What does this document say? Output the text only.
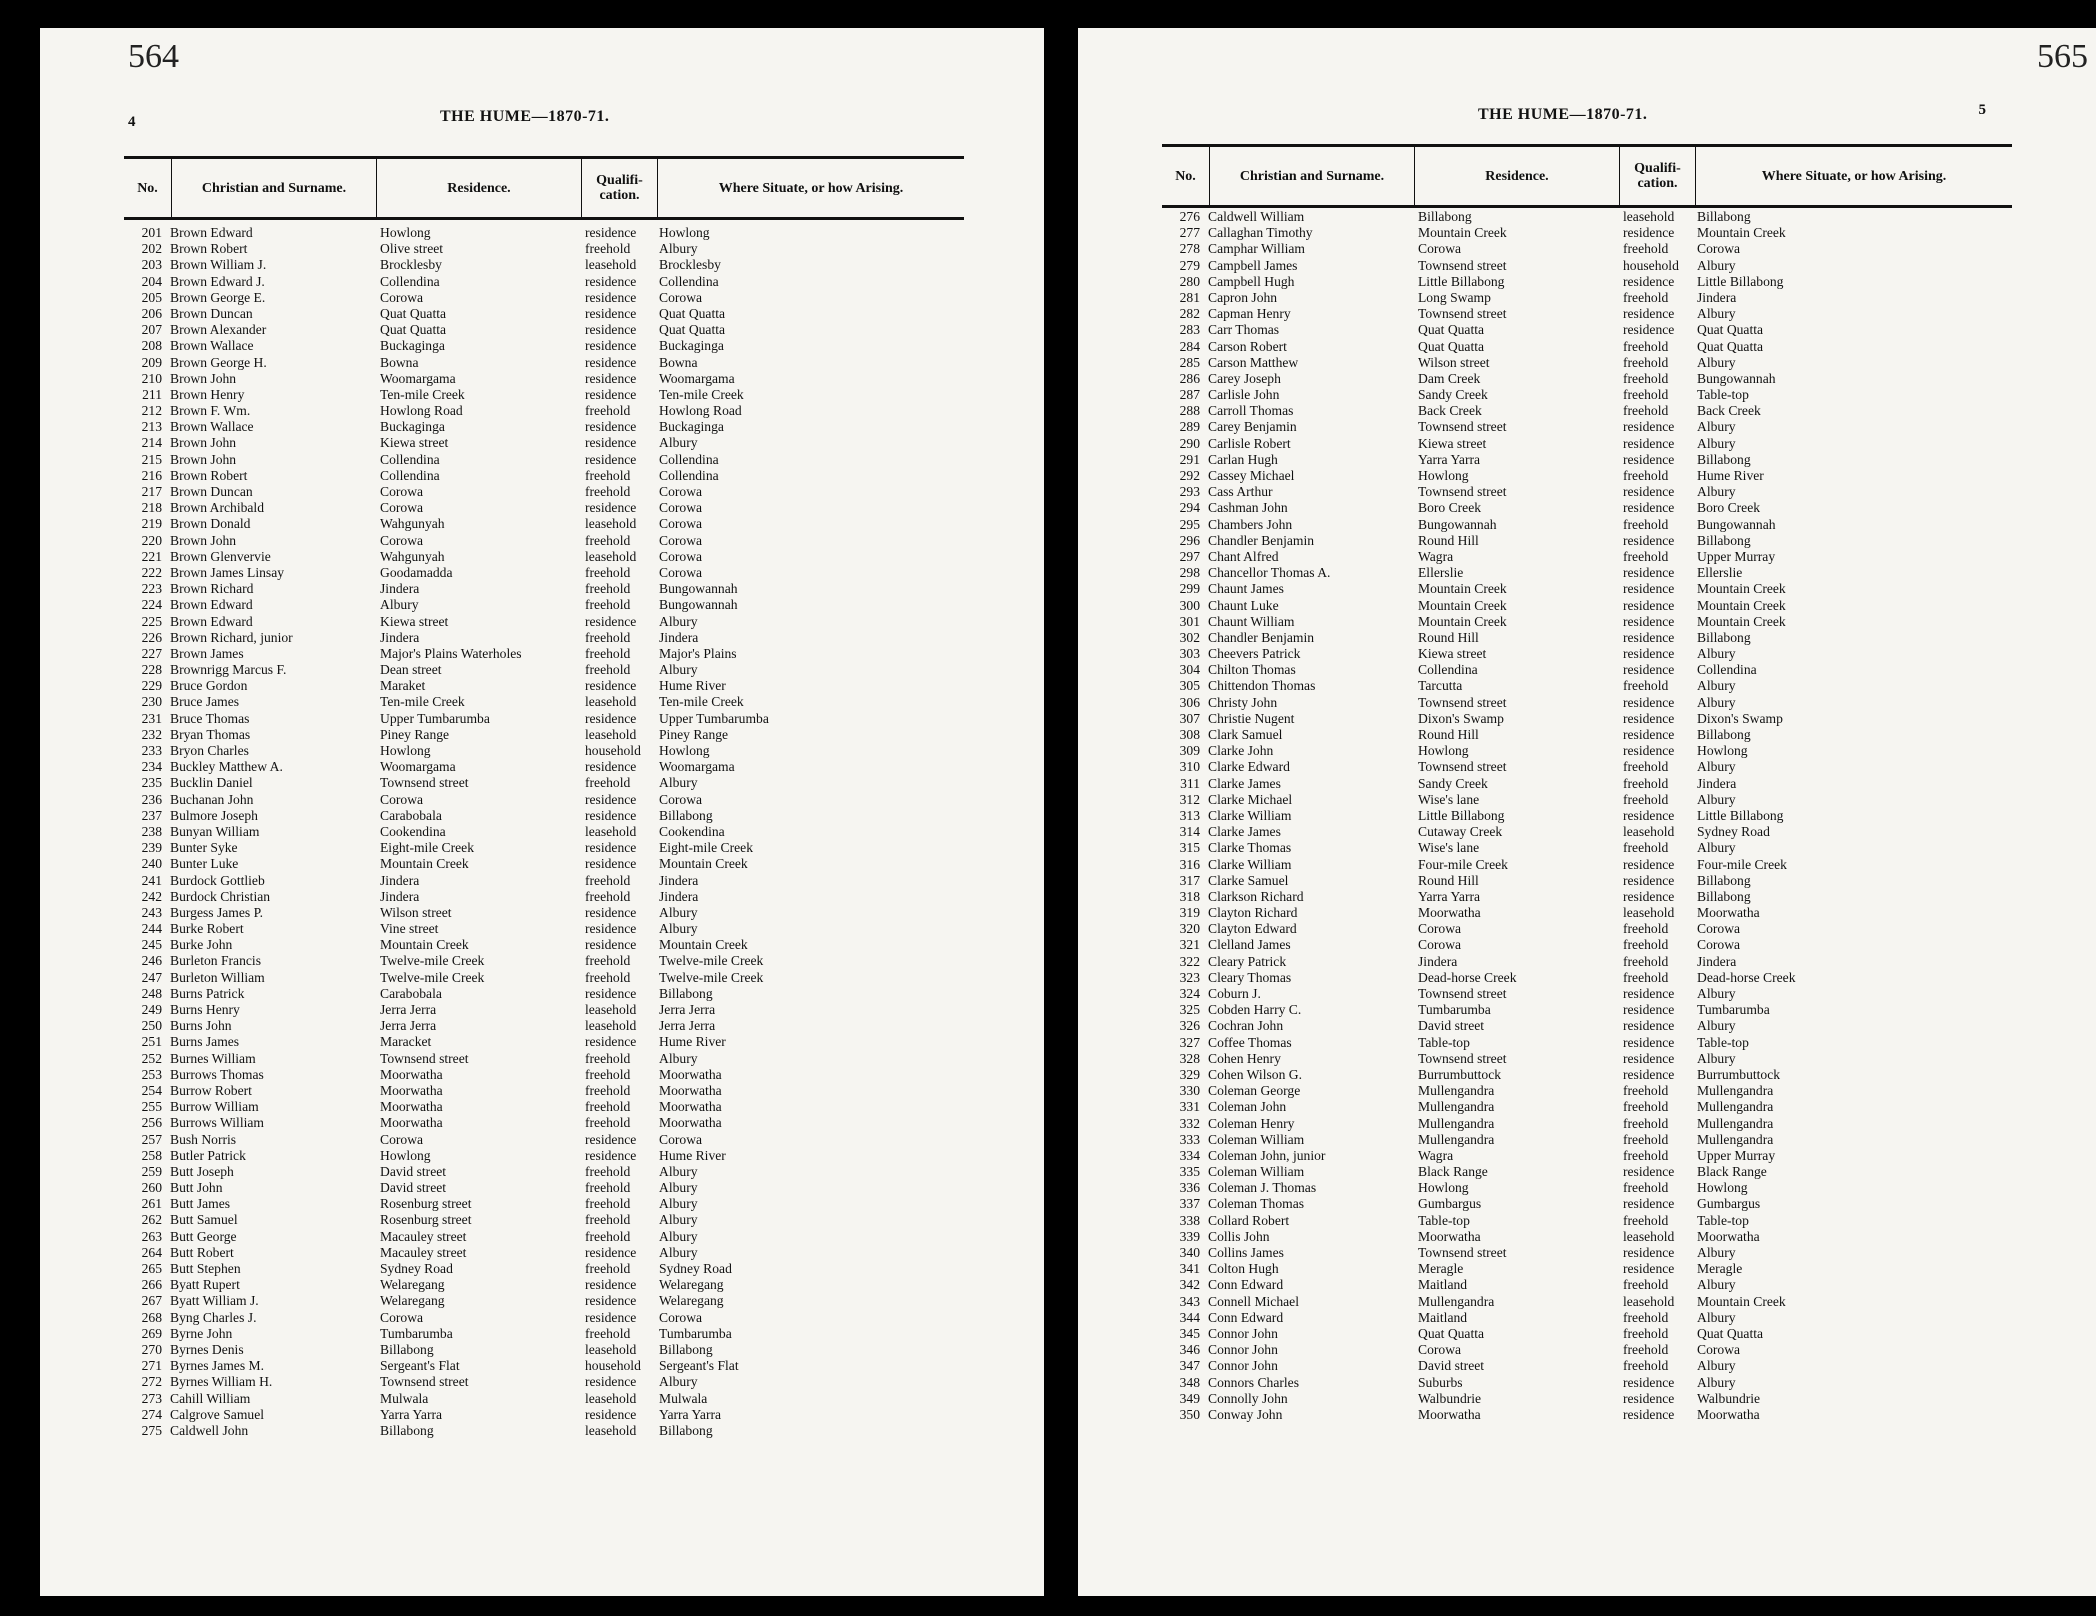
564
4	THE HUME—1870-71.
No.	Christian and Surname.	Residence.	Qualifi- cation.	Where Situate, or how Arising.
201 Brown Edward	Howlong	residence	Howlong
202 Brown Robert	Olive street	freehold	Albury
203 Brown William J.	Brocklesby	leasehold	Brocklesby
204 Brown Edward J.	Collendina	residence	Collendina
205 Brown George E.	Corowa	residence	Corowa
206 Brown Duncan	Quat Quatta	residence	Quat Quatta
207 Brown Alexander	Quat Quatta	residence	Quat Quatta
208 Brown Wallace	Buckaginga	residence	Buckaginga
209 Brown George H.	Bowna	residence	Bowna
210 Brown John	Woomargama	residence	Woomargama
211 Brown Henry	Ten-mile Creek	residence	Ten-mile Creek
212 Brown F. Wm.	Howlong Road	freehold	Howlong Road
213 Brown Wallace	Buckaginga	residence	Buckaginga
214 Brown John	Kiewa street	residence	Albury
215 Brown John	Collendina	residence	Collendina
216 Brown Robert	Collendina	freehold	Collendina
217 Brown Duncan	Corowa	freehold	Corowa
218 Brown Archibald	Corowa	residence	Corowa
219 Brown Donald	Wahgunyah	leasehold	Corowa
220 Brown John	Corowa	freehold	Corowa
221 Brown Glenvervie	Wahgunyah	leasehold	Corowa
222 Brown James Linsay	Goodamadda	freehold	Corowa
223 Brown Richard	Jindera	freehold	Bungowannah
224 Brown Edward	Albury	freehold	Bungowannah
225 Brown Edward	Kiewa street	residence	Albury
226 Brown Richard, junior	Jindera	freehold	Jindera
227 Brown James	Major's Plains Waterholes	freehold	Major's Plains
228 Brownrigg Marcus F.	Dean street	freehold	Albury
229 Bruce Gordon	Maraket	residence	Hume River
230 Bruce James	Ten-mile Creek	leasehold	Ten-mile Creek
231 Bruce Thomas	Upper Tumbarumba	residence	Upper Tumbarumba
232 Bryan Thomas	Piney Range	leasehold	Piney Range
233 Bryon Charles	Howlong	household	Howlong
234 Buckley Matthew A.	Woomargama	residence	Woomargama
235 Bucklin Daniel	Townsend street	freehold	Albury
236 Buchanan John	Corowa	residence	Corowa
237 Bulmore Joseph	Carabobala	residence	Billabong
238 Bunyan William	Cookendina	leasehold	Cookendina
239 Bunter Syke	Eight-mile Creek	residence	Eight-mile Creek
240 Bunter Luke	Mountain Creek	residence	Mountain Creek
241 Burdock Gottlieb	Jindera	freehold	Jindera
242 Burdock Christian	Jindera	freehold	Jindera
243 Burgess James P.	Wilson street	residence	Albury
244 Burke Robert	Vine street	residence	Albury
245 Burke John	Mountain Creek	residence	Mountain Creek
246 Burleton Francis	Twelve-mile Creek	freehold	Twelve-mile Creek
247 Burleton William	Twelve-mile Creek	freehold	Twelve-mile Creek
248 Burns Patrick	Carabobala	residence	Billabong
249 Burns Henry	Jerra Jerra	leasehold	Jerra Jerra
250 Burns John	Jerra Jerra	leasehold	Jerra Jerra
251 Burns James	Maracket	residence	Hume River
252 Burnes William	Townsend street	freehold	Albury
253 Burrows Thomas	Moorwatha	freehold	Moorwatha
254 Burrow Robert	Moorwatha	freehold	Moorwatha
255 Burrow William	Moorwatha	freehold	Moorwatha
256 Burrows William	Moorwatha	freehold	Moorwatha
257 Bush Norris	Corowa	residence	Corowa
258 Butler Patrick	Howlong	residence	Hume River
259 Butt Joseph	David street	freehold	Albury
260 Butt John	David street	freehold	Albury
261 Butt James	Rosenburg street	freehold	Albury
262 Butt Samuel	Rosenburg street	freehold	Albury
263 Butt George	Macauley street	freehold	Albury
264 Butt Robert	Macauley street	residence	Albury
265 Butt Stephen	Sydney Road	freehold	Sydney Road
266 Byatt Rupert	Welaregang	residence	Welaregang
267 Byatt William J.	Welaregang	residence	Welaregang
268 Byng Charles J.	Corowa	residence	Corowa
269 Byrne John	Tumbarumba	freehold	Tumbarumba
270 Byrnes Denis	Billabong	leasehold	Billabong
271 Byrnes James M.	Sergeant's Flat	household	Sergeant's Flat
272 Byrnes William H.	Townsend street	residence	Albury
273 Cahill William	Mulwala	leasehold	Mulwala
274 Calgrove Samuel	Yarra Yarra	residence	Yarra Yarra
275 Caldwell John	Billabong	leasehold	Billabong
565
5
THE HUME—1870-71.
No.	Christian and Surname.	Residence.	Qualifi- cation.	Where Situate, or how Arising.
276 Caldwell William	Billabong	leasehold	Billabong
277 Callaghan Timothy	Mountain Creek	residence	Mountain Creek
278 Camphar William	Corowa	freehold	Corowa
279 Campbell James	Townsend street	household	Albury
280 Campbell Hugh	Little Billabong	residence	Little Billabong
281 Capron John	Long Swamp	freehold	Jindera
282 Capman Henry	Townsend street	residence	Albury
283 Carr Thomas	Quat Quatta	residence	Quat Quatta
284 Carson Robert	Quat Quatta	freehold	Quat Quatta
285 Carson Matthew	Wilson street	freehold	Albury
286 Carey Joseph	Dam Creek	freehold	Bungowannah
287 Carlisle John	Sandy Creek	freehold	Table-top
288 Carroll Thomas	Back Creek	freehold	Back Creek
289 Carey Benjamin	Townsend street	residence	Albury
290 Carlisle Robert	Kiewa street	residence	Albury
291 Carlan Hugh	Yarra Yarra	residence	Billabong
292 Cassey Michael	Howlong	freehold	Hume River
293 Cass Arthur	Townsend street	residence	Albury
294 Cashman John	Boro Creek	residence	Boro Creek
295 Chambers John	Bungowannah	freehold	Bungowannah
296 Chandler Benjamin	Round Hill	residence	Billabong
297 Chant Alfred	Wagra	freehold	Upper Murray
298 Chancellor Thomas A.	Ellerslie	residence	Ellerslie
299 Chaunt James	Mountain Creek	residence	Mountain Creek
300 Chaunt Luke	Mountain Creek	residence	Mountain Creek
301 Chaunt William	Mountain Creek	residence	Mountain Creek
302 Chandler Benjamin	Round Hill	residence	Billabong
303 Cheevers Patrick	Kiewa street	residence	Albury
304 Chilton Thomas	Collendina	residence	Collendina
305 Chittendon Thomas	Tarcutta	freehold	Albury
306 Christy John	Townsend street	residence	Albury
307 Christie Nugent	Dixon's Swamp	residence	Dixon's Swamp
308 Clark Samuel	Round Hill	residence	Billabong
309 Clarke John	Howlong	residence	Howlong
310 Clarke Edward	Townsend street	freehold	Albury
311 Clarke James	Sandy Creek	freehold	Jindera
312 Clarke Michael	Wise's lane	freehold	Albury
313 Clarke William	Little Billabong	residence	Little Billabong
314 Clarke James	Cutaway Creek	leasehold	Sydney Road
315 Clarke Thomas	Wise's lane	freehold	Albury
316 Clarke William	Four-mile Creek	residence	Four-mile Creek
317 Clarke Samuel	Round Hill	residence	Billabong
318 Clarkson Richard	Yarra Yarra	residence	Billabong
319 Clayton Richard	Moorwatha	leasehold	Moorwatha
320 Clayton Edward	Corowa	freehold	Corowa
321 Clelland James	Corowa	freehold	Corowa
322 Cleary Patrick	Jindera	freehold	Jindera
323 Cleary Thomas	Dead-horse Creek	freehold	Dead-horse Creek
324 Coburn J.	Townsend street	residence	Albury
325 Cobden Harry C.	Tumbarumba	residence	Tumbarumba
326 Cochran John	David street	residence	Albury
327 Coffee Thomas	Table-top	residence	Table-top
328 Cohen Henry	Townsend street	residence	Albury
329 Cohen Wilson G.	Burrumbuttock	residence	Burrumbuttock
330 Coleman George	Mullengandra	freehold	Mullengandra
331 Coleman John	Mullengandra	freehold	Mullengandra
332 Coleman Henry	Mullengandra	freehold	Mullengandra
333 Coleman William	Mullengandra	freehold	Mullengandra
334 Coleman John, junior	Wagra	freehold	Upper Murray
335 Coleman William	Black Range	residence	Black Range
336 Coleman J. Thomas	Howlong	freehold	Howlong
337 Coleman Thomas	Gumbargus	residence	Gumbargus
338 Collard Robert	Table-top	freehold	Table-top
339 Collis John	Moorwatha	leasehold	Moorwatha
340 Collins James	Townsend street	residence	Albury
341 Colton Hugh	Meragle	residence	Meragle
342 Conn Edward	Maitland	freehold	Albury
343 Connell Michael	Mullengandra	leasehold	Mountain Creek
344 Conn Edward	Maitland	freehold	Albury
345 Connor John	Quat Quatta	freehold	Quat Quatta
346 Connor John	Corowa	freehold	Corowa
347 Connor John	David street	freehold	Albury
348 Connors Charles	Suburbs	residence	Albury
349 Connolly John	Walbundrie	residence	Walbundrie
350 Conway John	Moorwatha	residence	Moorwatha
